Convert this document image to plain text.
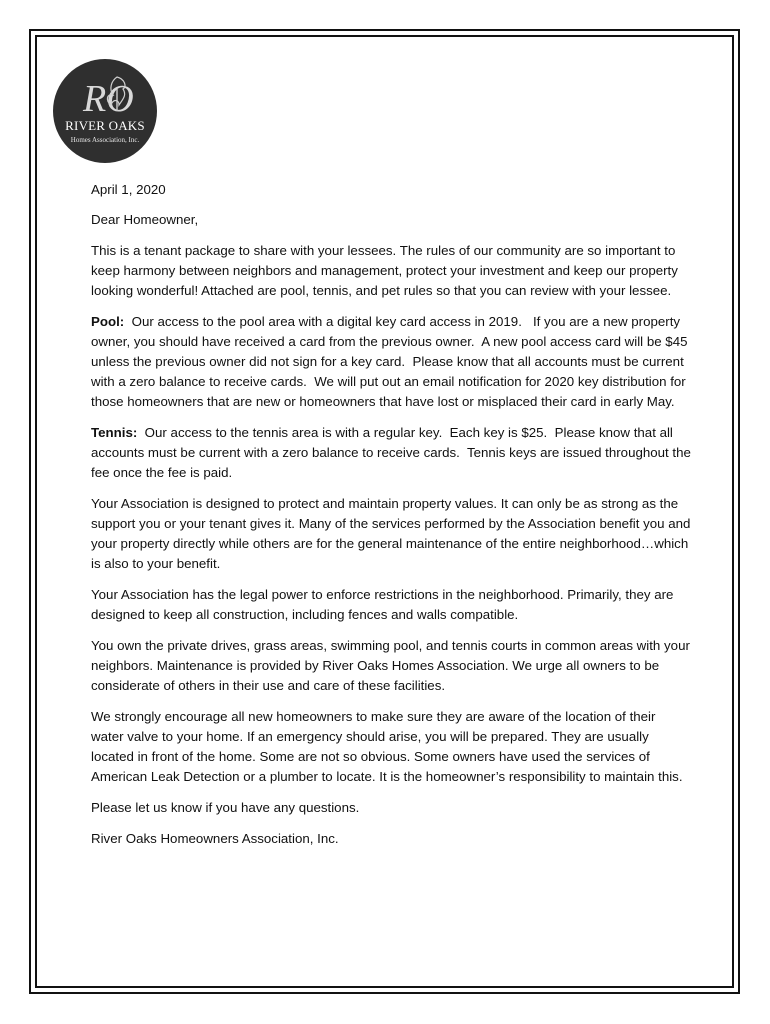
RO
RIVER OAKS
Homes Association, Inc.

April 1, 2020

Dear Homeowner,

This is a tenant package to share with your lessees. The rules of our community are so important to keep harmony between neighbors and management, protect your investment and keep our property looking wonderful! Attached are pool, tennis, and pet rules so that you can review with your lessee.

Pool:  Our access to the pool area with a digital key card access in 2019.   If you are a new property owner, you should have received a card from the previous owner.  A new pool access card will be $45 unless the previous owner did not sign for a key card.  Please know that all accounts must be current with a zero balance to receive cards.  We will put out an email notification for 2020 key distribution for those homeowners that are new or homeowners that have lost or misplaced their card in early May.

Tennis:  Our access to the tennis area is with a regular key.  Each key is $25.  Please know that all accounts must be current with a zero balance to receive cards.  Tennis keys are issued throughout the fee once the fee is paid.

Your Association is designed to protect and maintain property values. It can only be as strong as the support you or your tenant gives it. Many of the services performed by the Association benefit you and your property directly while others are for the general maintenance of the entire neighborhood…which is also to your benefit.

Your Association has the legal power to enforce restrictions in the neighborhood. Primarily, they are designed to keep all construction, including fences and walls compatible.

You own the private drives, grass areas, swimming pool, and tennis courts in common areas with your neighbors. Maintenance is provided by River Oaks Homes Association. We urge all owners to be considerate of others in their use and care of these facilities.

We strongly encourage all new homeowners to make sure they are aware of the location of their water valve to your home. If an emergency should arise, you will be prepared. They are usually located in front of the home. Some are not so obvious. Some owners have used the services of American Leak Detection or a plumber to locate. It is the homeowner’s responsibility to maintain this.

Please let us know if you have any questions.

River Oaks Homeowners Association, Inc.
